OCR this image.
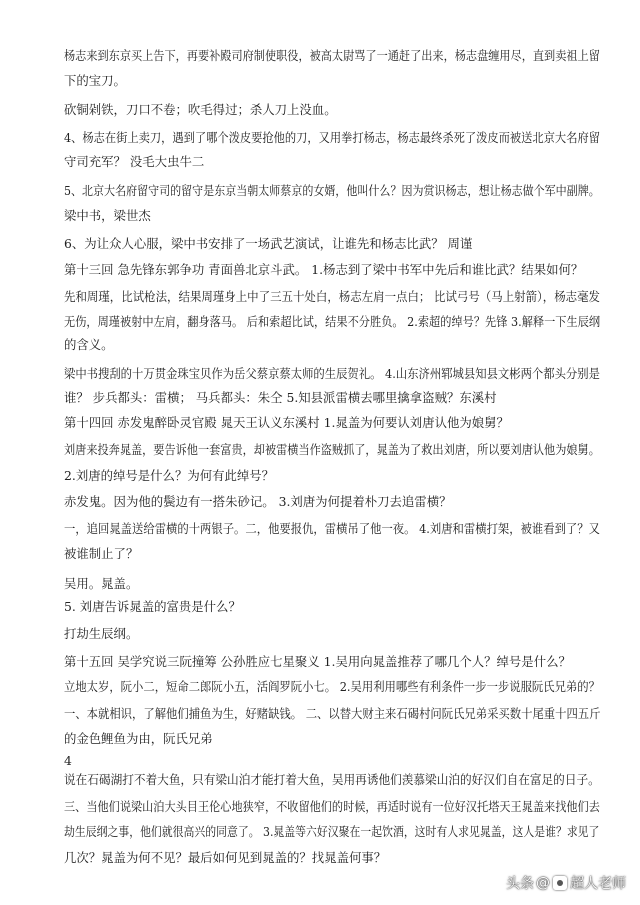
杨志来到东京买上告下，再要补殿司府制使职役，被高太尉骂了一通赶了出来，杨志盘缠用尽，直到卖祖上留
下的宝刀。
砍铜剁铁，刀口不卷；吹毛得过；杀人刀上没血。
4、杨志在街上卖刀，遇到了哪个泼皮要抢他的刀，又用拳打杨志，杨志最终杀死了泼皮而被送北京大名府留
守司充军？ 没毛大虫牛二
5、北京大名府留守司的留守是东京当朝太师蔡京的女婿，他叫什么？因为赏识杨志，想让杨志做个军中副牌。
梁中书，梁世杰
6、为让众人心服，梁中书安排了一场武艺演试，让谁先和杨志比武？ 周谨
第十三回 急先锋东郭争功 青面兽北京斗武。 1.杨志到了梁中书军中先后和谁比武？结果如何？
先和周瑾，比试枪法，结果周瑾身上中了三五十处白，杨志左肩一点白； 比试弓号（马上射箭），杨志毫发
无伤，周瑾被射中左肩，翻身落马。 后和索超比试，结果不分胜负。 2.索超的绰号？先锋 3.解释一下生辰纲
的含义。
梁中书搜刮的十万贯金珠宝贝作为岳父蔡京蔡太师的生辰贺礼。 4.山东济州郓城县知县文彬两个都头分别是
谁？ 步兵都头：雷横； 马兵都头：朱仝 5.知县派雷横去哪里擒拿盗贼？东溪村
第十四回 赤发鬼醉卧灵官殿 晁天王认义东溪村 1.晁盖为何要认刘唐认他为娘舅？
刘唐来投奔晁盖，要告诉他一套富贵，却被雷横当作盗贼抓了，晁盖为了救出刘唐，所以要刘唐认他为娘舅。
2.刘唐的绰号是什么？为何有此绰号？
赤发鬼。因为他的鬓边有一搭朱砂记。 3.刘唐为何提着朴刀去追雷横？
一，追回晁盖送给雷横的十两银子。二，他要报仇，雷横吊了他一夜。 4.刘唐和雷横打架，被谁看到了？又
被谁制止了？
吴用。晁盖。
5. 刘唐告诉晁盖的富贵是什么？
打劫生辰纲。
第十五回 吴学究说三阮撞筹 公孙胜应七星聚义 1.吴用向晁盖推荐了哪几个人？绰号是什么？
立地太岁，阮小二，短命二郎阮小五，活阎罗阮小七。 2.吴用利用哪些有利条件一步一步说服阮氏兄弟的？
一、本就相识，了解他们捕鱼为生，好赌缺钱。 二、以替大财主来石碣村问阮氏兄弟采买数十尾重十四五斤
的金色鲤鱼为由，阮氏兄弟
4
说在石碣湖打不着大鱼，只有梁山泊才能打着大鱼，吴用再诱他们羡慕梁山泊的好汉们自在富足的日子。
三、当他们说梁山泊大头目王伦心地狭窄，不收留他们的时候，再适时说有一位好汉托塔天王晁盖来找他们去
劫生辰纲之事，他们就很高兴的同意了。 3.晁盖等六好汉聚在一起饮酒，这时有人求见晁盖，这人是谁？求见了
几次？晁盖为何不见？最后如何见到晁盖的？找晁盖何事？
头条 @ 超人老师
